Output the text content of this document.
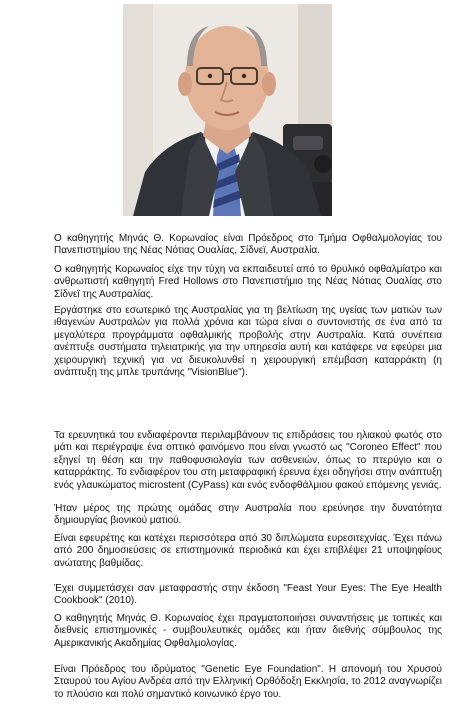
Ο καθηγητής Μηνάς Θ. Κορωναίος είναι Πρόεδρος στο Τμήμα Οφθαλμολογίας του Πανεπιστημίου της Νέας Νότιας Ουαλίας, Σίδνεϊ, Αυστραλία.

Ο καθηγητής Κορωναίος είχε την τύχη να εκπαιδευτεί από το θρυλικό οφθαλμίατρο και ανθρωπιστή καθηγητή Fred Hollows στο Πανεπιστήμιο της Νέας Νότιας Ουαλίας στο Σίδνεϊ της Αυστραλίας.

Εργάστηκε στο εσωτερικό της Αυστραλίας για τη βελτίωση της υγείας των ματιών των ιθαγενών Αυστραλών για πολλά χρόνια και τώρα είναι ο συντονιστής σε ένα από τα μεγαλύτερα προγράμματα οφθαλμικής προβολής στην Αυστραλία. Κατά συνέπεια ανέπτυξε συστήματα τηλειατρικής για την υπηρεσία αυτή και κατάφερε να εφεύρει μια χειρουργική τεχνική για να διευκολυνθεί η χειρουργική επέμβαση καταρράκτη (η ανάπτυξη της μπλε τρυπάνης "VisionBlue").

Τα ερευνητικά του ενδιαφέροντα περιλαμβάνουν τις επιδράσεις του ηλιακού φωτός στο μάτι και περιέγραψε ένα οπτικό φαινόμενο που είναι γνωστό ως "Coroneo Effect" που εξηγεί τη θέση και την παθοφυσιολογία των ασθενειών, όπως το πτερύγιο και ο καταρράκτης. Το ενδιαφέρον του στη μεταφραφική έρευνα έχει οδηγήσει στην ανάπτυξη ενός γλαυκώματος microstent (CyPass) και ενός ενδοφθάλμιου φακού επόμενης γενιάς.

Ήταν μέρος της πρώτης ομάδας στην Αυστραλία που ερεύνησε την δυνατότητα δημιουργίας βιονικού ματιού.

Είναι εφευρέτης και κατέχει περισσότερα από 30 διπλώματα ευρεσιτεχνίας. Έχει πάνω από 200 δημοσιεύσεις σε επιστημονικά περιοδικά και έχει επιβλέψει 21 υποψηφίους ανώτατης βαθμίδας.

Έχει συμμετάσχει σαν μεταφραστής στην έκδοση "Feast Your Eyes: The Eye Health Cookbook" (2010).

Ο καθηγητής Μηνάς Θ. Κορωναίος έχει πραγματοποιήσει συναντήσεις με τοπικές και διεθνείς επιστημονικές - συμβουλευτικές ομάδες και ήταν διεθνής σύμβουλος της Αμερικανικής Ακαδημίας Οφθαλμολογίας.

Είναι Πρόεδρος του ιδρύματος "Genetic Eye Foundation". Η απονομή του Χρυσού Σταυρού του Αγίου Ανδρέα από την Ελληνική Ορθόδοξη Εκκλησία, το 2012 αναγνωρίζει το πλούσιο και πολύ σημαντικό κοινωνικό έργο του.
